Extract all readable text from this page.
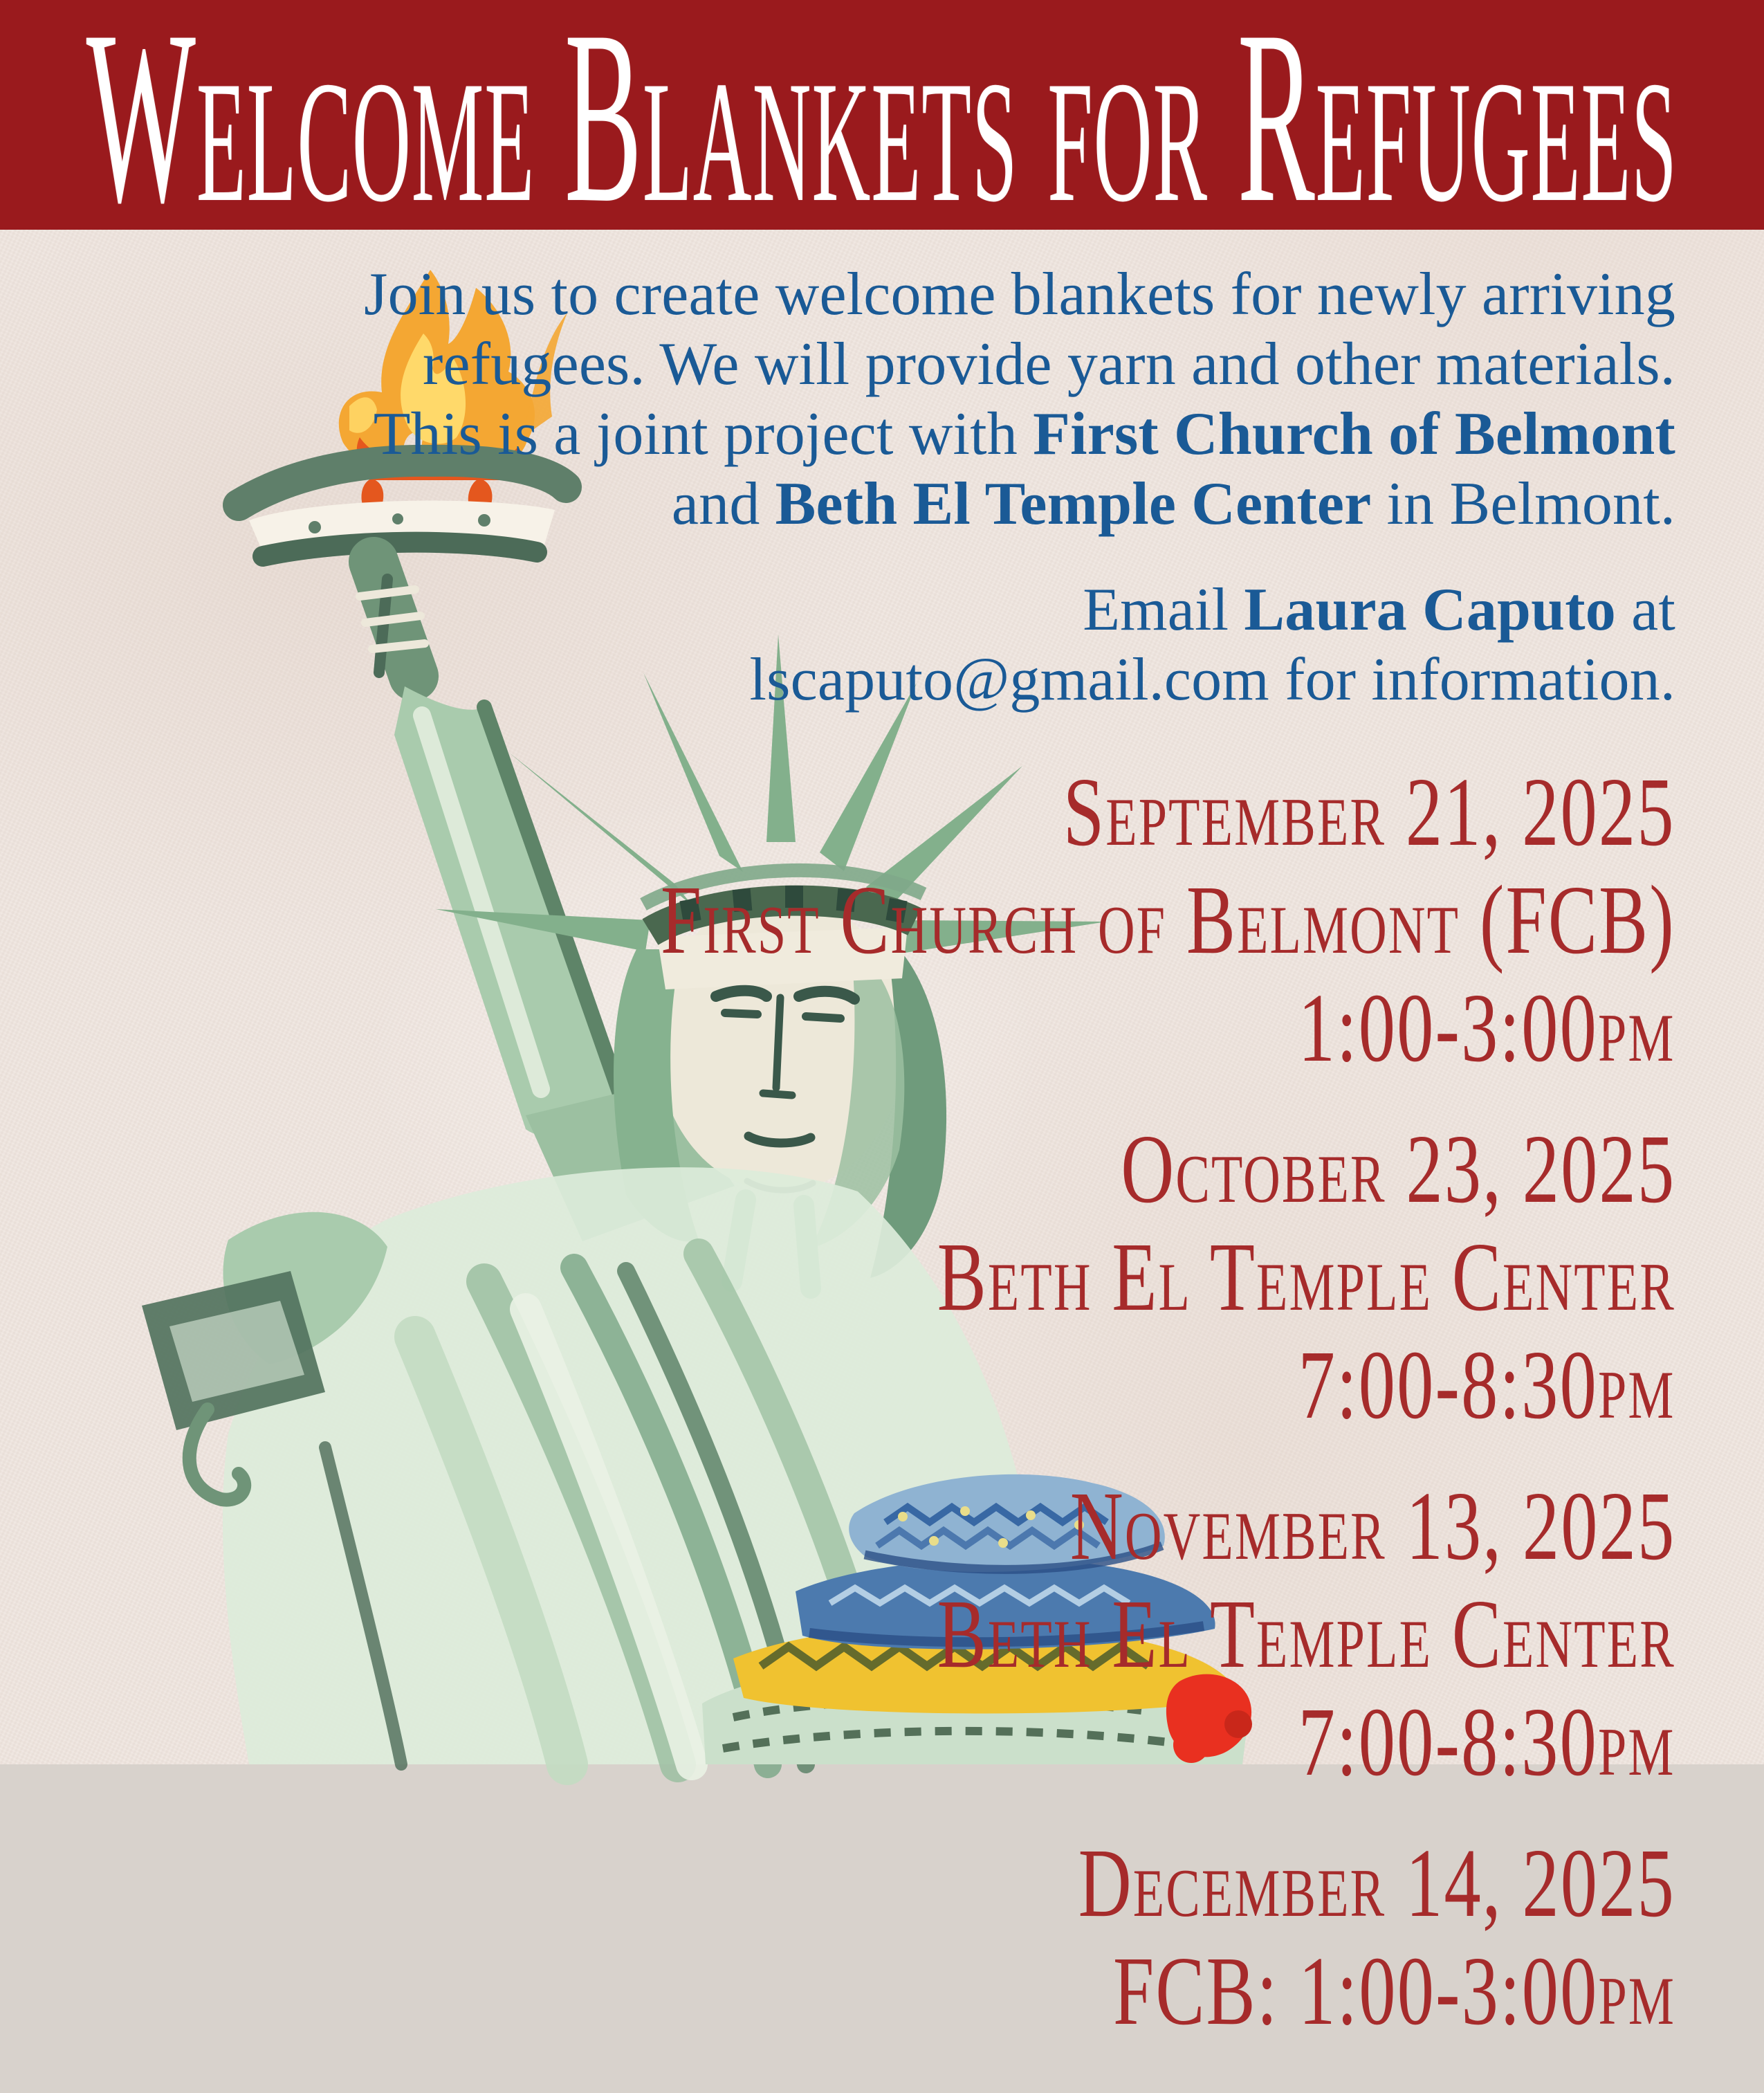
Welcome Blankets for Refugees
Join us to create welcome blankets for newly arriving
refugees. We will provide yarn and other materials.
This is a joint project with First Church of Belmont
and Beth El Temple Center in Belmont.
Email Laura Caputo at
lscaputo@gmail.com for information.
September 21, 2025
First Church of Belmont (FCB)
1:00-3:00pm
October 23, 2025
Beth El Temple Center
7:00-8:30pm
November 13, 2025
Beth El Temple Center
7:00-8:30pm
December 14, 2025
FCB: 1:00-3:00pm
